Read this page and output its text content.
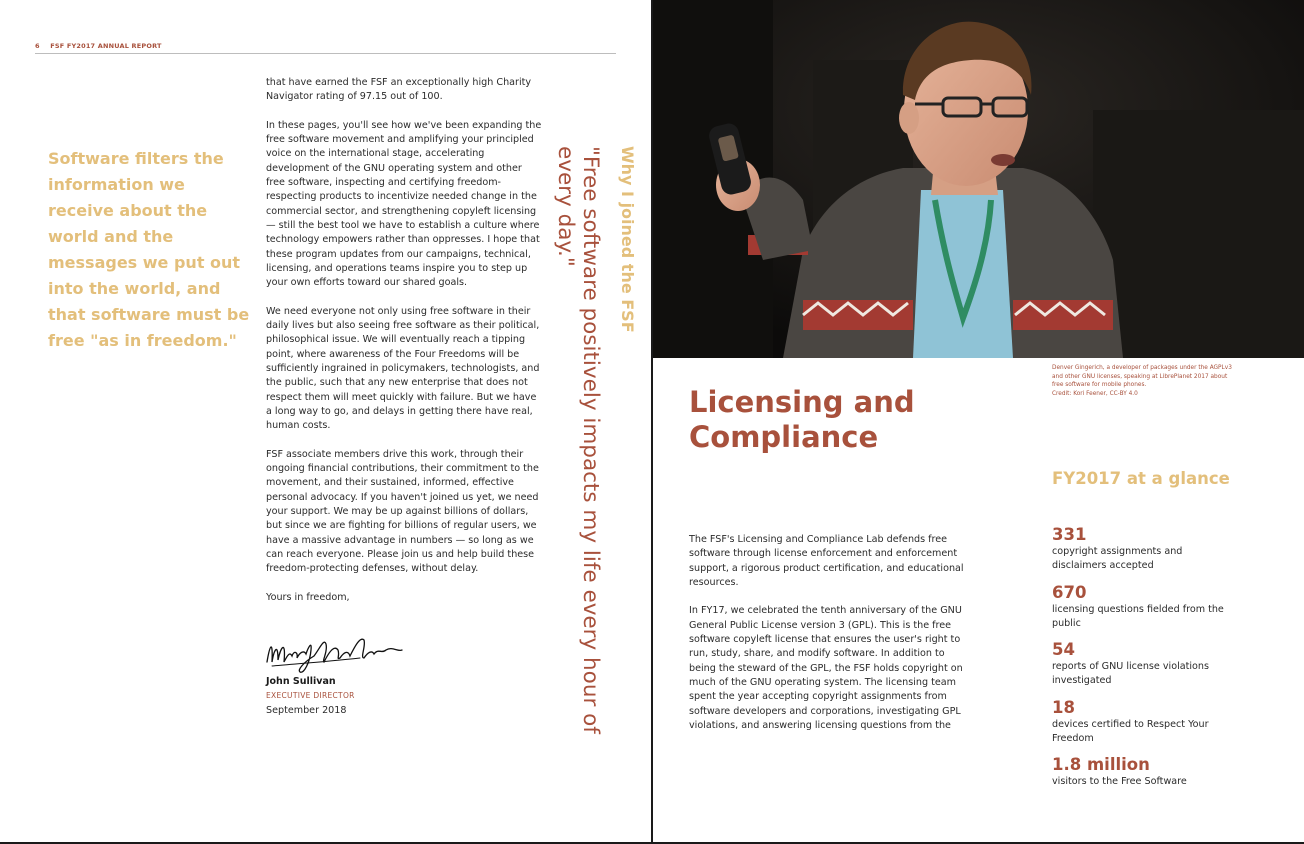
6 FSF FY2017 ANNUAL REPORT
Software filters the information we receive about the world and the messages we put out into the world, and that software must be free "as in freedom."

that have earned the FSF an exceptionally high Charity Navigator rating of 97.15 out of 100.

In these pages, you'll see how we've been expanding the free software movement and amplifying your principled voice on the international stage, accelerating development of the GNU operating system and other free software, inspecting and certifying freedom-respecting products to incentivize needed change in the commercial sector, and strengthening copyleft licensing — still the best tool we have to establish a culture where technology empowers rather than oppresses. I hope that these program updates from our campaigns, technical, licensing, and operations teams inspire you to step up your own efforts toward our shared goals.

We need everyone not only using free software in their daily lives but also seeing free software as their political, philosophical issue. We will eventually reach a tipping point, where awareness of the Four Freedoms will be sufficiently ingrained in policymakers, technologists, and the public, such that any new enterprise that does not respect them will meet quickly with failure. But we have a long way to go, and delays in getting there have real, human costs.

FSF associate members drive this work, through their ongoing financial contributions, their commitment to the movement, and their sustained, informed, effective personal advocacy. If you haven't joined us yet, we need your support. We may be up against billions of dollars, but since we are fighting for billions of regular users, we have a massive advantage in numbers — so long as we can reach everyone. Please join us and help build these freedom-protecting defenses, without delay.

Yours in freedom,

John Sullivan
EXECUTIVE DIRECTOR
September 2018
Why I joined the FSF
"Free software positively impacts my life every hour of every day."
Denver Gingerich, a developer of packages under the AGPLv3
and other GNU licenses, speaking at LibrePlanet 2017 about
free software for mobile phones.
Credit: Kori Feener, CC-BY 4.0
Licensing and Compliance

The FSF's Licensing and Compliance Lab defends free software through license enforcement and enforcement support, a rigorous product certification, and educational resources.

In FY17, we celebrated the tenth anniversary of the GNU General Public License version 3 (GPL). This is the free software copyleft license that ensures the user's right to run, study, share, and modify software. In addition to being the steward of the GPL, the FSF holds copyright on much of the GNU operating system. The licensing team spent the year accepting copyright assignments from software developers and corporations, investigating GPL violations, and answering licensing questions from the

FY2017 at a glance
331
copyright assignments and disclaimers accepted
670
licensing questions fielded from the public
54
reports of GNU license violations investigated
18
devices certified to Respect Your Freedom
1.8 million
visitors to the Free Software
